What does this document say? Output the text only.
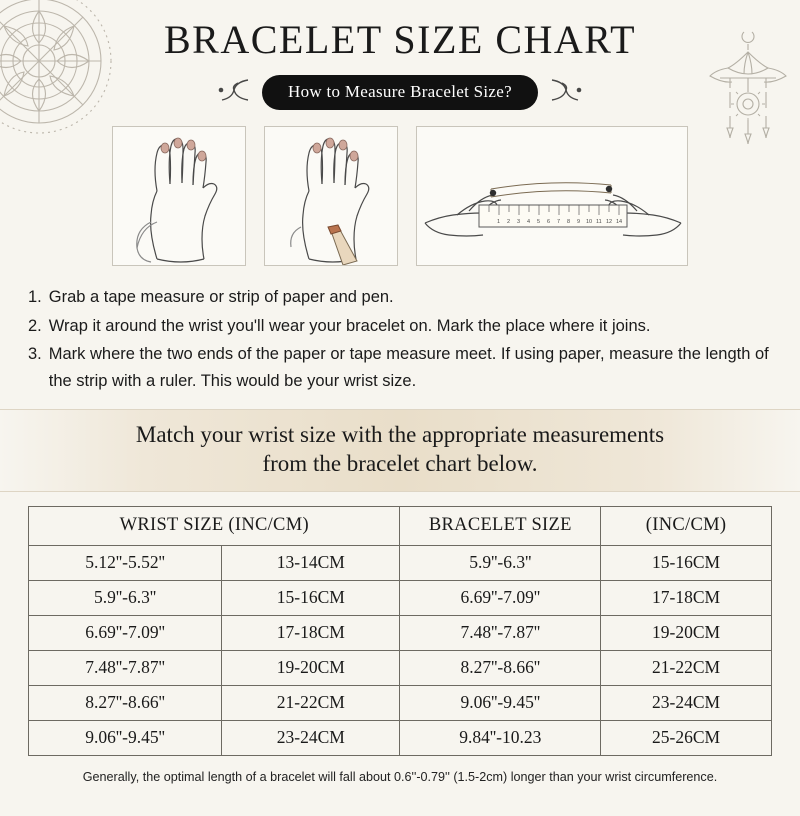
BRACELET SIZE CHART
How to Measure Bracelet Size?
1 2 3 4 5 6 7 8 9 10 11 12 14
1. Grab a tape measure or strip of paper and pen.
2. Wrap it around the wrist you'll wear your bracelet on. Mark the place where it joins.
3. Mark where the two ends of the paper or tape measure meet. If using paper, measure the length of the strip with a ruler. This would be your wrist size.
Match your wrist size with the appropriate measurements
from the bracelet chart below.
WRIST SIZE (INC/CM)		BRACELET SIZE	(INC/CM)
5.12''-5.52''	13-14CM	5.9''-6.3''	15-16CM
5.9''-6.3''	15-16CM	6.69''-7.09''	17-18CM
6.69''-7.09''	17-18CM	7.48''-7.87''	19-20CM
7.48''-7.87''	19-20CM	8.27''-8.66''	21-22CM
8.27''-8.66''	21-22CM	9.06''-9.45''	23-24CM
9.06''-9.45''	23-24CM	9.84''-10.23	25-26CM
Generally, the optimal length of a bracelet will fall about 0.6''-0.79'' (1.5-2cm) longer than your wrist circumference.
